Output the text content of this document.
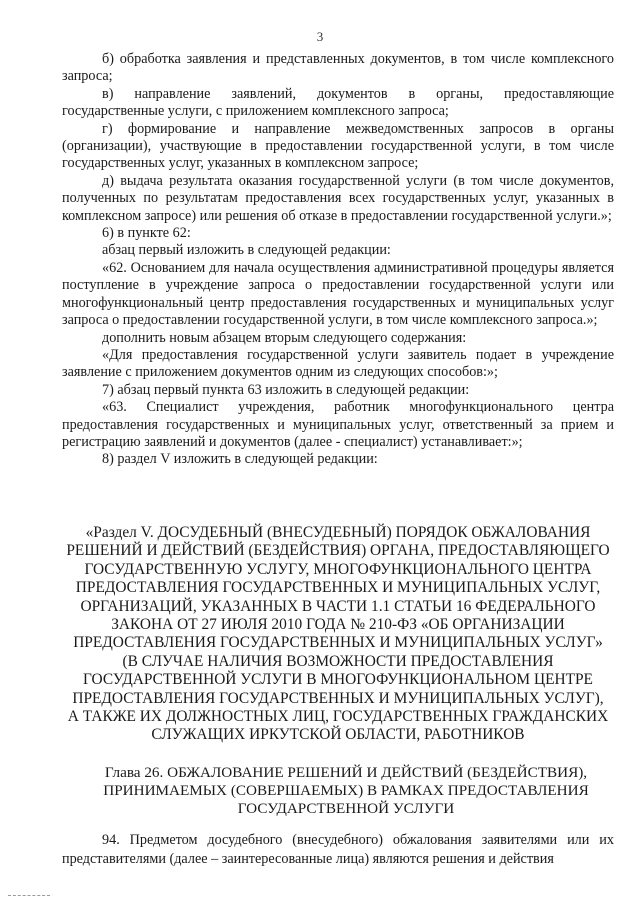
3

б) обработка заявления и представленных документов, в том числе комплексного запроса;

в) направление заявлений, документов в органы, предоставляющие государственные услуги, с приложением комплексного запроса;

г) формирование и направление межведомственных запросов в органы (организации), участвующие в предоставлении государственной услуги, в том числе государственных услуг, указанных в комплексном запросе;

д) выдача результата оказания государственной услуги (в том числе документов, полученных по результатам предоставления всех государственных услуг, указанных в комплексном запросе) или решения об отказе в предоставлении государственной услуги.»;

6) в пункте 62:

абзац первый изложить в следующей редакции:

«62. Основанием для начала осуществления административной процедуры является поступление в учреждение запроса о предоставлении государственной услуги или многофункциональный центр предоставления государственных и муниципальных услуг запроса о предоставлении государственной услуги, в том числе комплексного запроса.»;

дополнить новым абзацем вторым следующего содержания:

«Для предоставления государственной услуги заявитель подает в учреждение заявление с приложением документов одним из следующих способов:»;

7) абзац первый пункта 63 изложить в следующей редакции:

«63. Специалист учреждения, работник многофункционального центра предоставления государственных и муниципальных услуг, ответственный за прием и регистрацию заявлений и документов (далее - специалист) устанавливает:»;

8) раздел V изложить в следующей редакции:

«Раздел V. ДОСУДЕБНЫЙ (ВНЕСУДЕБНЫЙ) ПОРЯДОК ОБЖАЛОВАНИЯ РЕШЕНИЙ И ДЕЙСТВИЙ (БЕЗДЕЙСТВИЯ) ОРГАНА, ПРЕДОСТАВЛЯЮЩЕГО ГОСУДАРСТВЕННУЮ УСЛУГУ, МНОГОФУНКЦИОНАЛЬНОГО ЦЕНТРА ПРЕДОСТАВЛЕНИЯ ГОСУДАРСТВЕННЫХ И МУНИЦИПАЛЬНЫХ УСЛУГ, ОРГАНИЗАЦИЙ, УКАЗАННЫХ В ЧАСТИ 1.1 СТАТЬИ 16 ФЕДЕРАЛЬНОГО ЗАКОНА ОТ 27 ИЮЛЯ 2010 ГОДА № 210-ФЗ «ОБ ОРГАНИЗАЦИИ ПРЕДОСТАВЛЕНИЯ ГОСУДАРСТВЕННЫХ И МУНИЦИПАЛЬНЫХ УСЛУГ» (В СЛУЧАЕ НАЛИЧИЯ ВОЗМОЖНОСТИ ПРЕДОСТАВЛЕНИЯ ГОСУДАРСТВЕННОЙ УСЛУГИ В МНОГОФУНКЦИОНАЛЬНОМ ЦЕНТРЕ ПРЕДОСТАВЛЕНИЯ ГОСУДАРСТВЕННЫХ И МУНИЦИПАЛЬНЫХ УСЛУГ), А ТАКЖЕ ИХ ДОЛЖНОСТНЫХ ЛИЦ, ГОСУДАРСТВЕННЫХ ГРАЖДАНСКИХ СЛУЖАЩИХ ИРКУТСКОЙ ОБЛАСТИ, РАБОТНИКОВ

Глава 26. ОБЖАЛОВАНИЕ РЕШЕНИЙ И ДЕЙСТВИЙ (БЕЗДЕЙСТВИЯ), ПРИНИМАЕМЫХ (СОВЕРШАЕМЫХ) В РАМКАХ ПРЕДОСТАВЛЕНИЯ ГОСУДАРСТВЕННОЙ УСЛУГИ

94. Предметом досудебного (внесудебного) обжалования заявителями или их представителями (далее – заинтересованные лица) являются решения и действия
